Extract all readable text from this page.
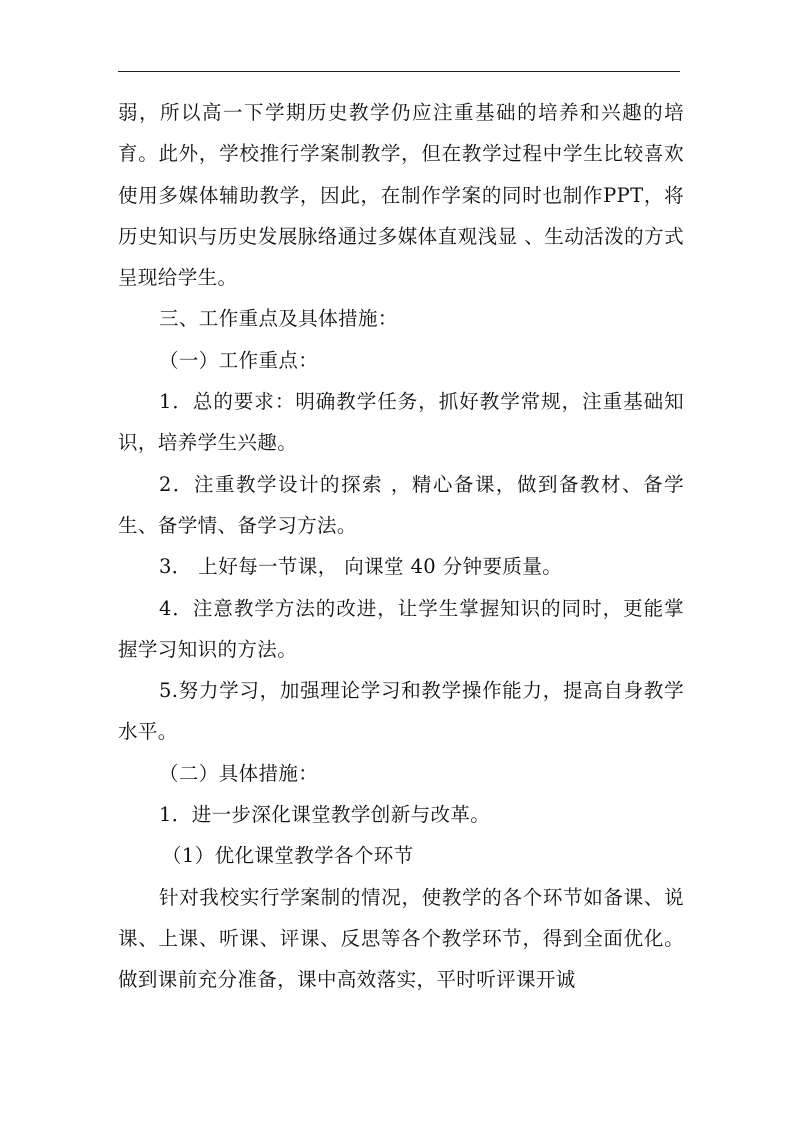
弱，所以高一下学期历史教学仍应注重基础的培养和兴趣的培育。此外，学校推行学案制教学，但在教学过程中学生比较喜欢使用多媒体辅助教学，因此，在制作学案的同时也制作PPT，将历史知识与历史发展脉络通过多媒体直观浅显 、生动活泼的方式呈现给学生。

三、工作重点及具体措施：

（一）工作重点：

1．总的要求：明确教学任务，抓好教学常规，注重基础知识，培养学生兴趣。

2．注重教学设计的探索 ，精心备课，做到备教材、备学生、备学情、备学习方法。

3． 上好每一节课， 向课堂 40 分钟要质量。

4．注意教学方法的改进，让学生掌握知识的同时，更能掌握学习知识的方法。

5.努力学习，加强理论学习和教学操作能力，提高自身教学水平。

（二）具体措施：

1．进一步深化课堂教学创新与改革。

（1）优化课堂教学各个环节

针对我校实行学案制的情况，使教学的各个环节如备课、说课、上课、听课、评课、反思等各个教学环节，得到全面优化。做到课前充分准备，课中高效落实，平时听评课开诚
